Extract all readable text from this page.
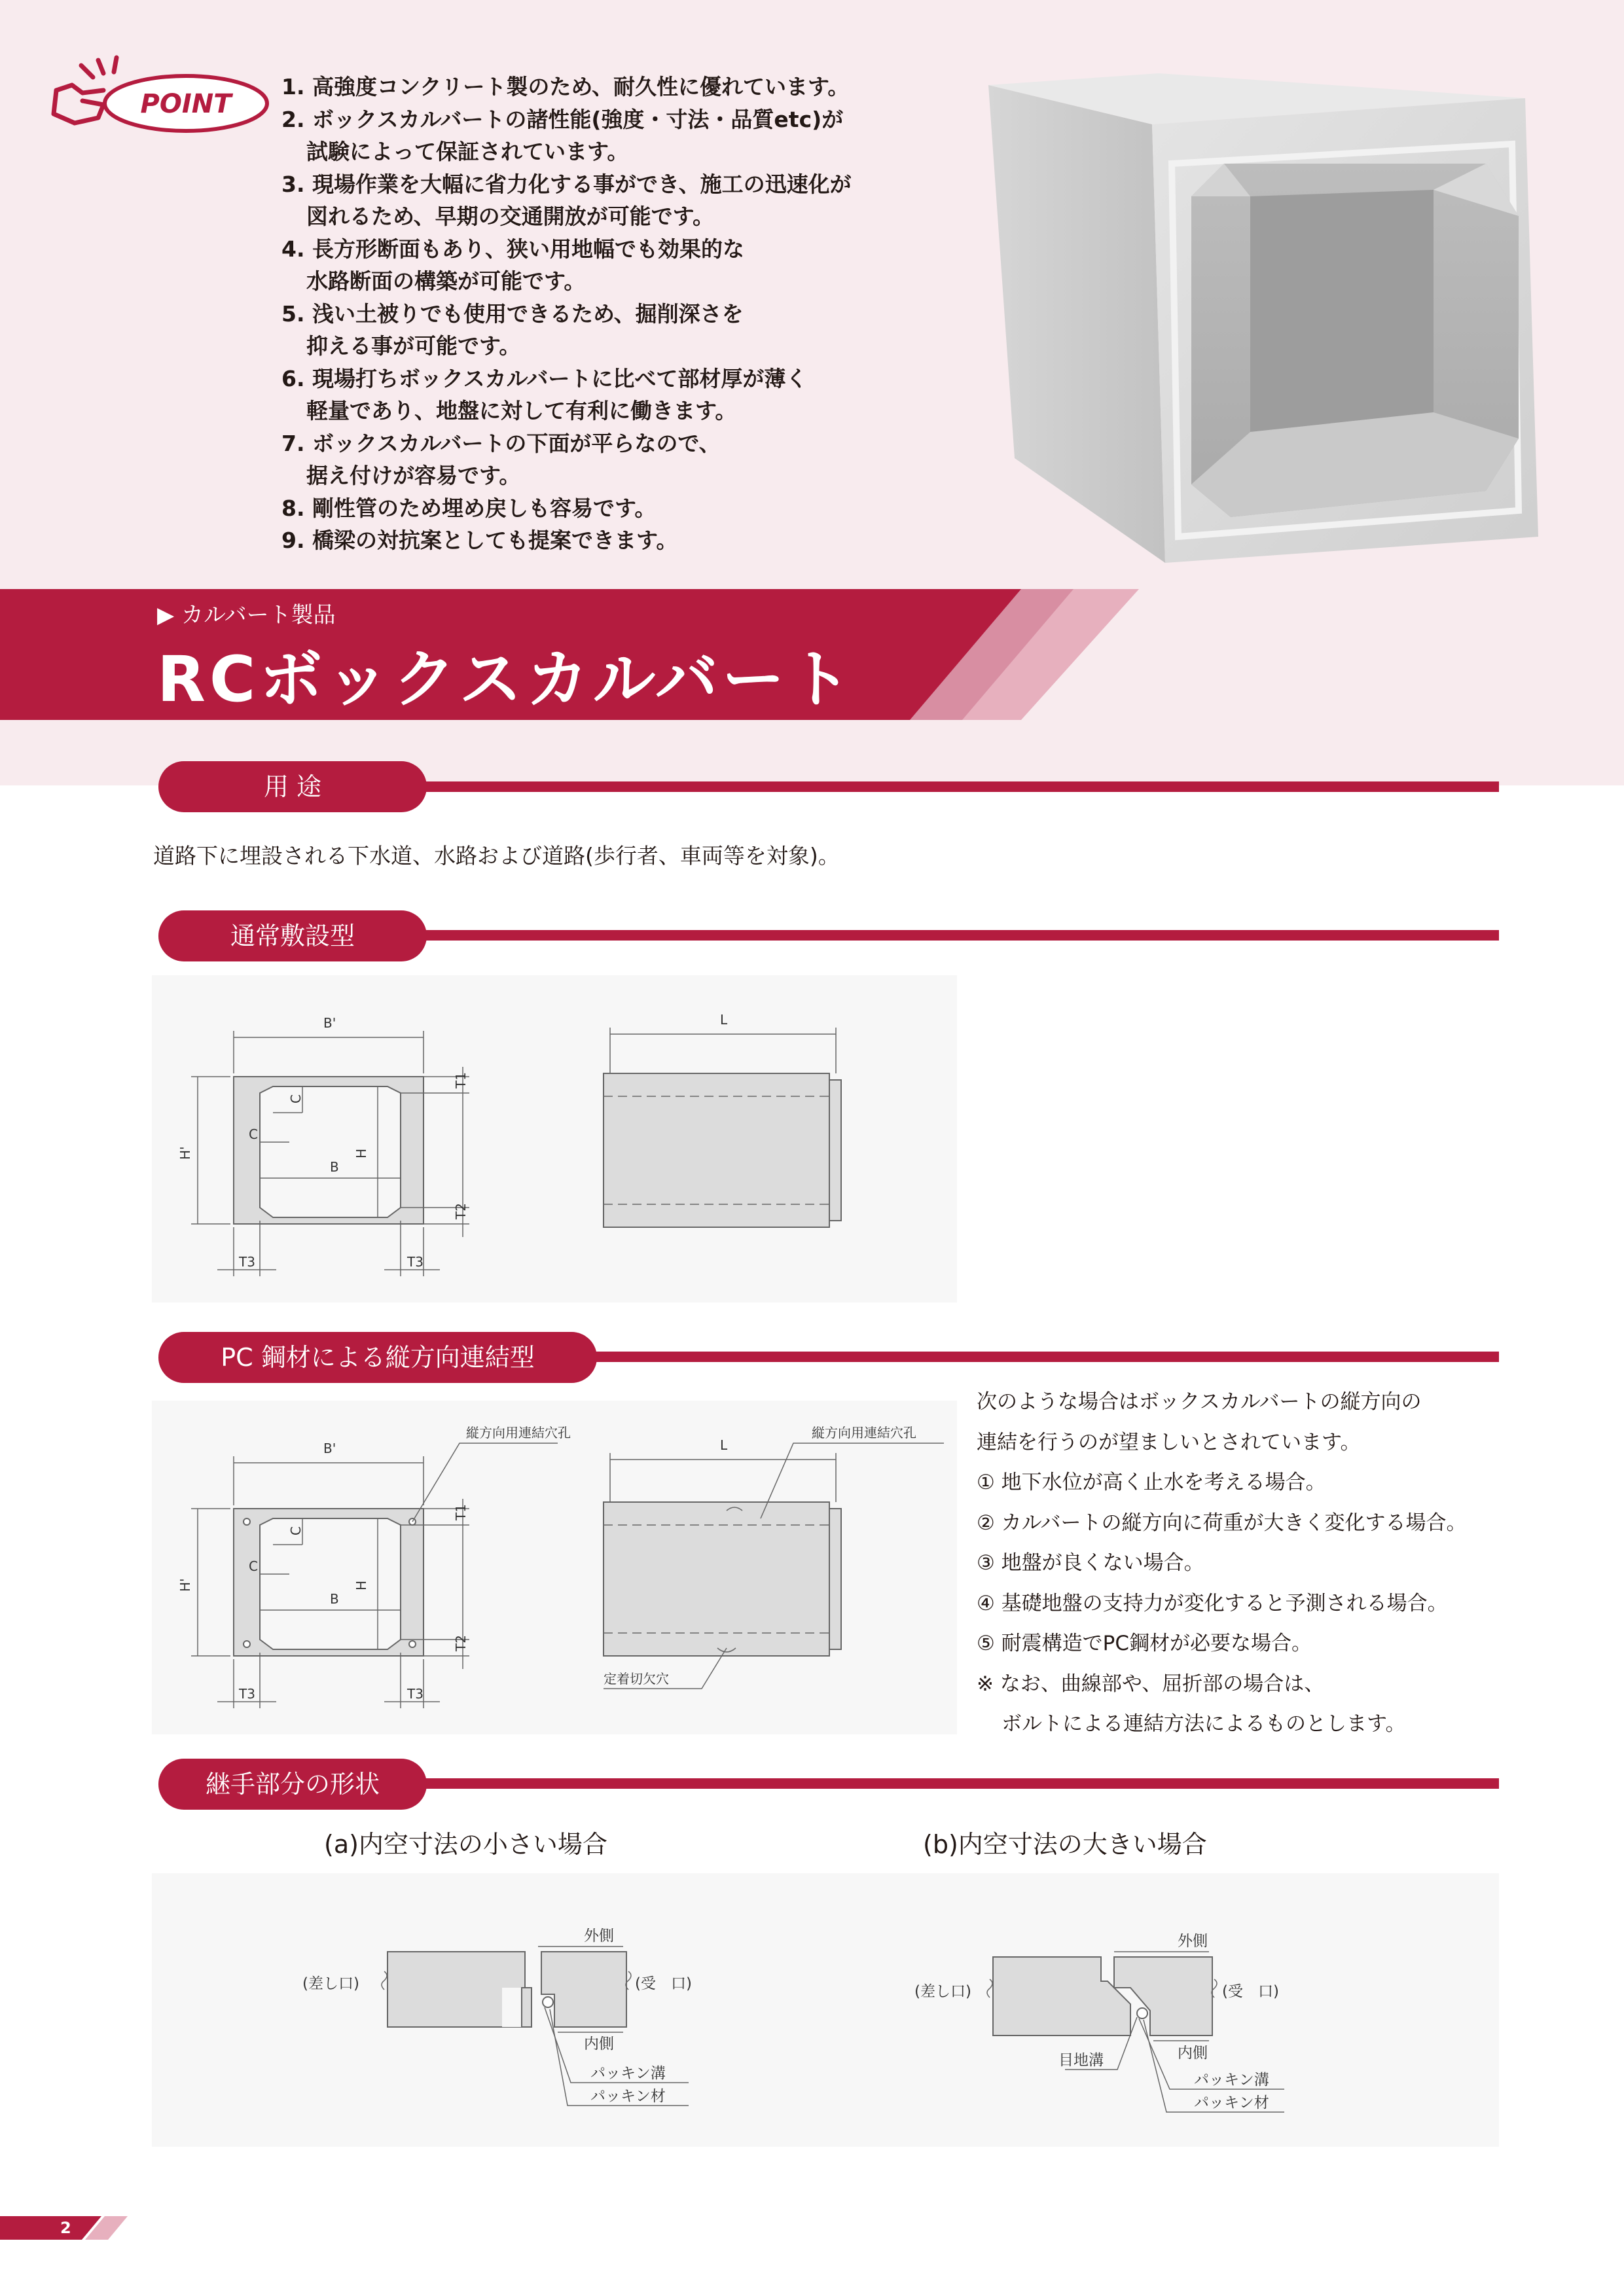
POINT
1. 高強度コンクリート製のため、耐久性に優れています。
2. ボックスカルバートの諸性能(強度・寸法・品質etc)が
試験によって保証されています。
3. 現場作業を大幅に省力化する事ができ、施工の迅速化が
図れるため、早期の交通開放が可能です。
4. 長方形断面もあり、狭い用地幅でも効果的な
水路断面の構築が可能です。
5. 浅い土被りでも使用できるため、掘削深さを
抑える事が可能です。
6. 現場打ちボックスカルバートに比べて部材厚が薄く
軽量であり、地盤に対して有利に働きます。
7. ボックスカルバートの下面が平らなので、
据え付けが容易です。
8. 剛性管のため埋め戻しも容易です。
9. 橋梁の対抗案としても提案できます。
▶ カルバート製品
RCボックスカルバート
用 途
道路下に埋設される下水道、水路および道路(歩行者、車両等を対象)。
通常敷設型
B'
H'
B
H
C
C
T1
T2
T3	T3
L
PC 鋼材による縦方向連結型
B'
H'
B
H
C
C
T1
T2
T3	T3
縦方向用連結穴孔
L
縦方向用連結穴孔
定着切欠穴
次のような場合はボックスカルバートの縦方向の
連結を行うのが望ましいとされています。
① 地下水位が高く止水を考える場合。
② カルバートの縦方向に荷重が大きく変化する場合。
③ 地盤が良くない場合。
④ 基礎地盤の支持力が変化すると予測される場合。
⑤ 耐震構造でPC鋼材が必要な場合。
※ なお、曲線部や、屈折部の場合は、
ボルトによる連結方法によるものとします。
継手部分の形状
(a)内空寸法の小さい場合	(b)内空寸法の大きい場合
(差し口)	(受　口)
外側
内側
パッキン溝
パッキン材
(差し口)	(受　口)
外側
内側
目地溝
パッキン溝
パッキン材
2
